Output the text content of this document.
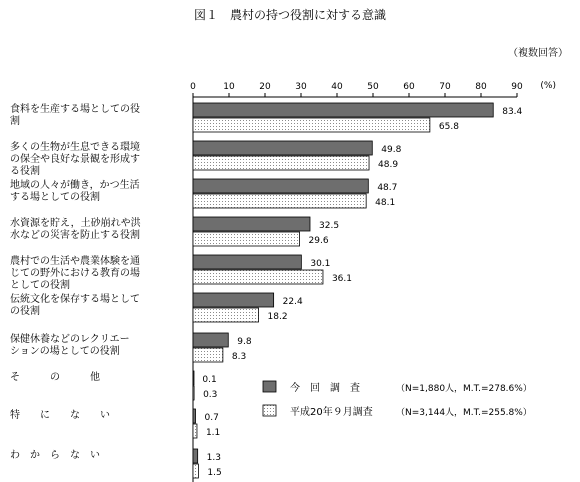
図１　農村の持つ役割に対する意識
（複数回答）
(%)
0	10	20	30	40	50	60	70	80	90
食料を生産する場としての役割
多くの生物が生息できる環境の保全や良好な景観を形成する役割
地域の人々が働き，かつ生活する場としての役割
水資源を貯え，土砂崩れや洪水などの災害を防止する役割
農村での生活や農業体験を通じての野外における教育の場としての役割
伝統文化を保存する場としての役割
保健休養などのレクリエーションの場としての役割
そ　　　の　　　他
特　　に　　な　　い
わ　か　ら　な　い
83.4
49.8
48.7
32.5
30.1
22.4
9.8
0.1
0.7
1.3
65.8
48.9
48.1
29.6
36.1
18.2
8.3
0.3
1.1
1.5
今　回　調　査	（N=1,880人，M.T.=278.6%）
平成20年９月調査	（N=3,144人，M.T.=255.8%）
